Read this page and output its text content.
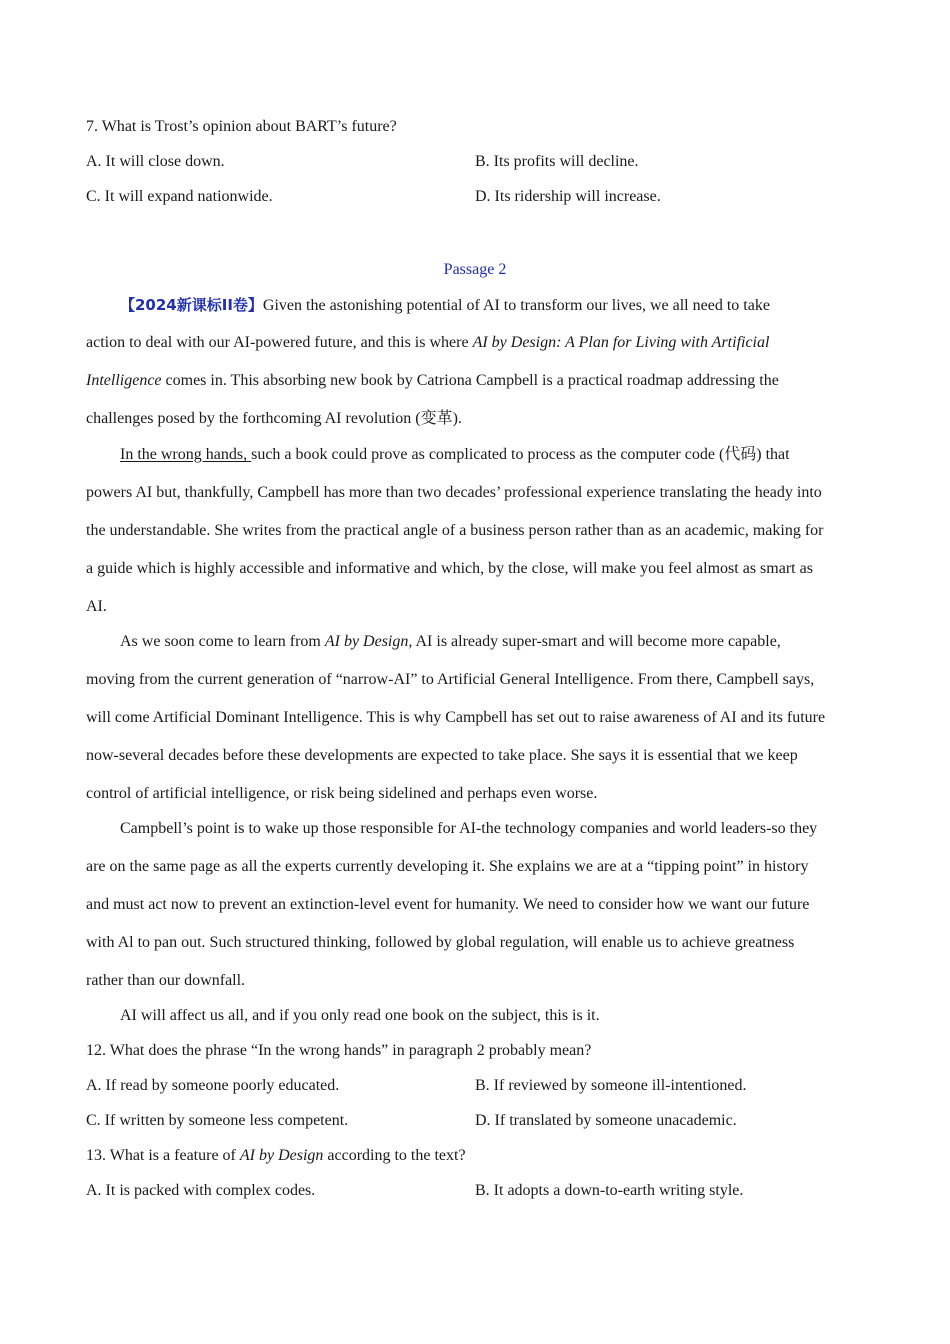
7. What is Trost’s opinion about BART’s future?
A. It will close down.	B. Its profits will decline.
C. It will expand nationwide.	D. Its ridership will increase.
Passage 2
【2024新课标ⅠⅠ卷】Given the astonishing potential of AI to transform our lives, we all need to take
action to deal with our AI-powered future, and this is where AI by Design: A Plan for Living with Artificial
Intelligence comes in. This absorbing new book by Catriona Campbell is a practical roadmap addressing the
challenges posed by the forthcoming AI revolution (变革).
In the wrong hands, such a book could prove as complicated to process as the computer code (代码) that
powers AI but, thankfully, Campbell has more than two decades’ professional experience translating the heady into
the understandable. She writes from the practical angle of a business person rather than as an academic, making for
a guide which is highly accessible and informative and which, by the close, will make you feel almost as smart as
AI.
As we soon come to learn from AI by Design, AI is already super-smart and will become more capable,
moving from the current generation of “narrow-AI” to Artificial General Intelligence. From there, Campbell says,
will come Artificial Dominant Intelligence. This is why Campbell has set out to raise awareness of AI and its future
now-several decades before these developments are expected to take place. She says it is essential that we keep
control of artificial intelligence, or risk being sidelined and perhaps even worse.
Campbell’s point is to wake up those responsible for AI-the technology companies and world leaders-so they
are on the same page as all the experts currently developing it. She explains we are at a “tipping point” in history
and must act now to prevent an extinction-level event for humanity. We need to consider how we want our future
with Al to pan out. Such structured thinking, followed by global regulation, will enable us to achieve greatness
rather than our downfall.
AI will affect us all, and if you only read one book on the subject, this is it.
12. What does the phrase “In the wrong hands” in paragraph 2 probably mean?
A. If read by someone poorly educated.	B. If reviewed by someone ill-intentioned.
C. If written by someone less competent.	D. If translated by someone unacademic.
13. What is a feature of AI by Design according to the text?
A. It is packed with complex codes.	B. It adopts a down-to-earth writing style.
